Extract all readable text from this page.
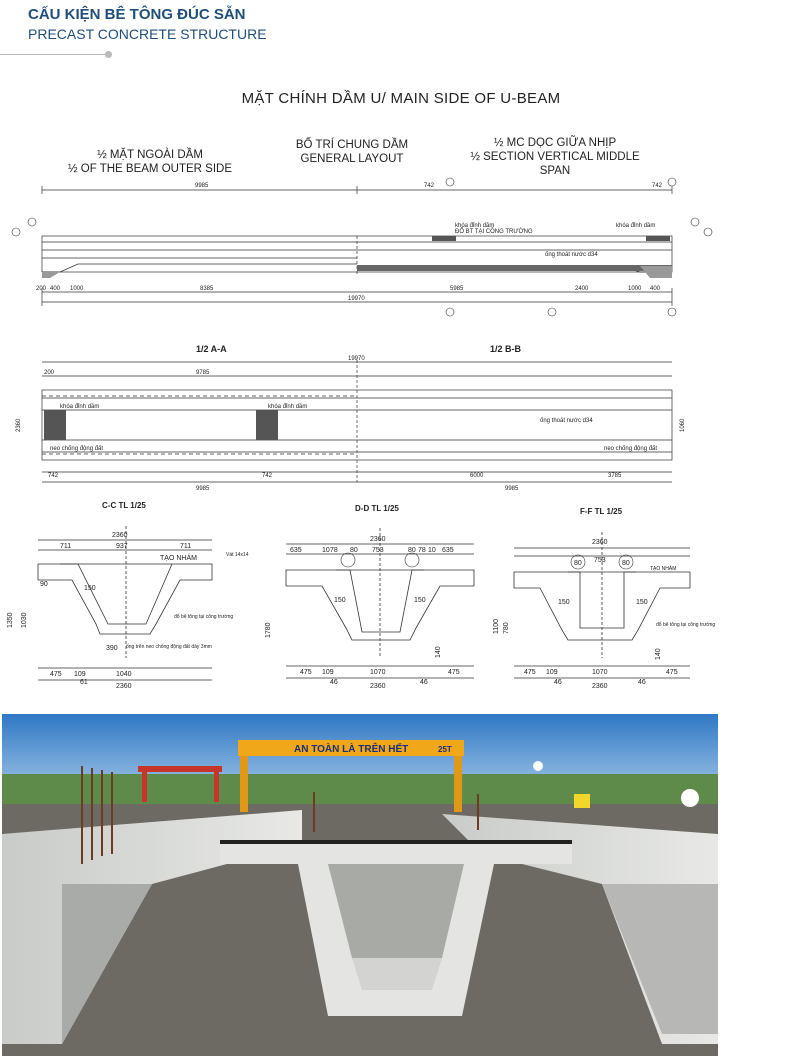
CẤU KIỆN BÊ TÔNG ĐÚC SẴN
PRECAST CONCRETE STRUCTURE
MẶT CHÍNH DẦM U/ MAIN SIDE OF U-BEAM
½ MẶT NGOÀI DẦM
½ OF THE BEAM OUTER SIDE
BỐ TRÍ CHUNG DẦM
GENERAL LAYOUT
½ MC DỌC GIỮA NHỊP
½ SECTION VERTICAL MIDDLE
SPAN
9985	742	742
200 400 1000	8385	5985	2400	1000 400
19970
khóa đỉnh dầm
ĐỔ BT TẠI CÔNG TRƯỜNG
khóa đỉnh dầm
ống thoát nước d34
1/2 A-A	1/2 B-B
19970
9785
200
742	742
9985	9985
6000	3785
khóa đỉnh dầm	khóa đỉnh dầm
neo chống động đất	neo chống động đất
ống thoát nước d34
2360	1060
C-C TL 1/25	D-D TL 1/25	F-F TL 1/25
2360
711	937	711
TẠO NHÁM	Vát 14x14
đổ bê tông tại công trường
ống trên neo chống động đất dày 3mm
150
90
390
475 109	1040
61
2360
1350 1030
2360
635	10 78 80 753	80 78 10 635
150	150
475 109	1070	475
46	46
2360
140
1780
2360
80 753 80
TẠO NHÁM
đổ bê tông tại công trường
150	150
475 109	1070	475
46	46
2360
140
1100 780
AN TOÀN LÀ TRÊN HẾT	25T
